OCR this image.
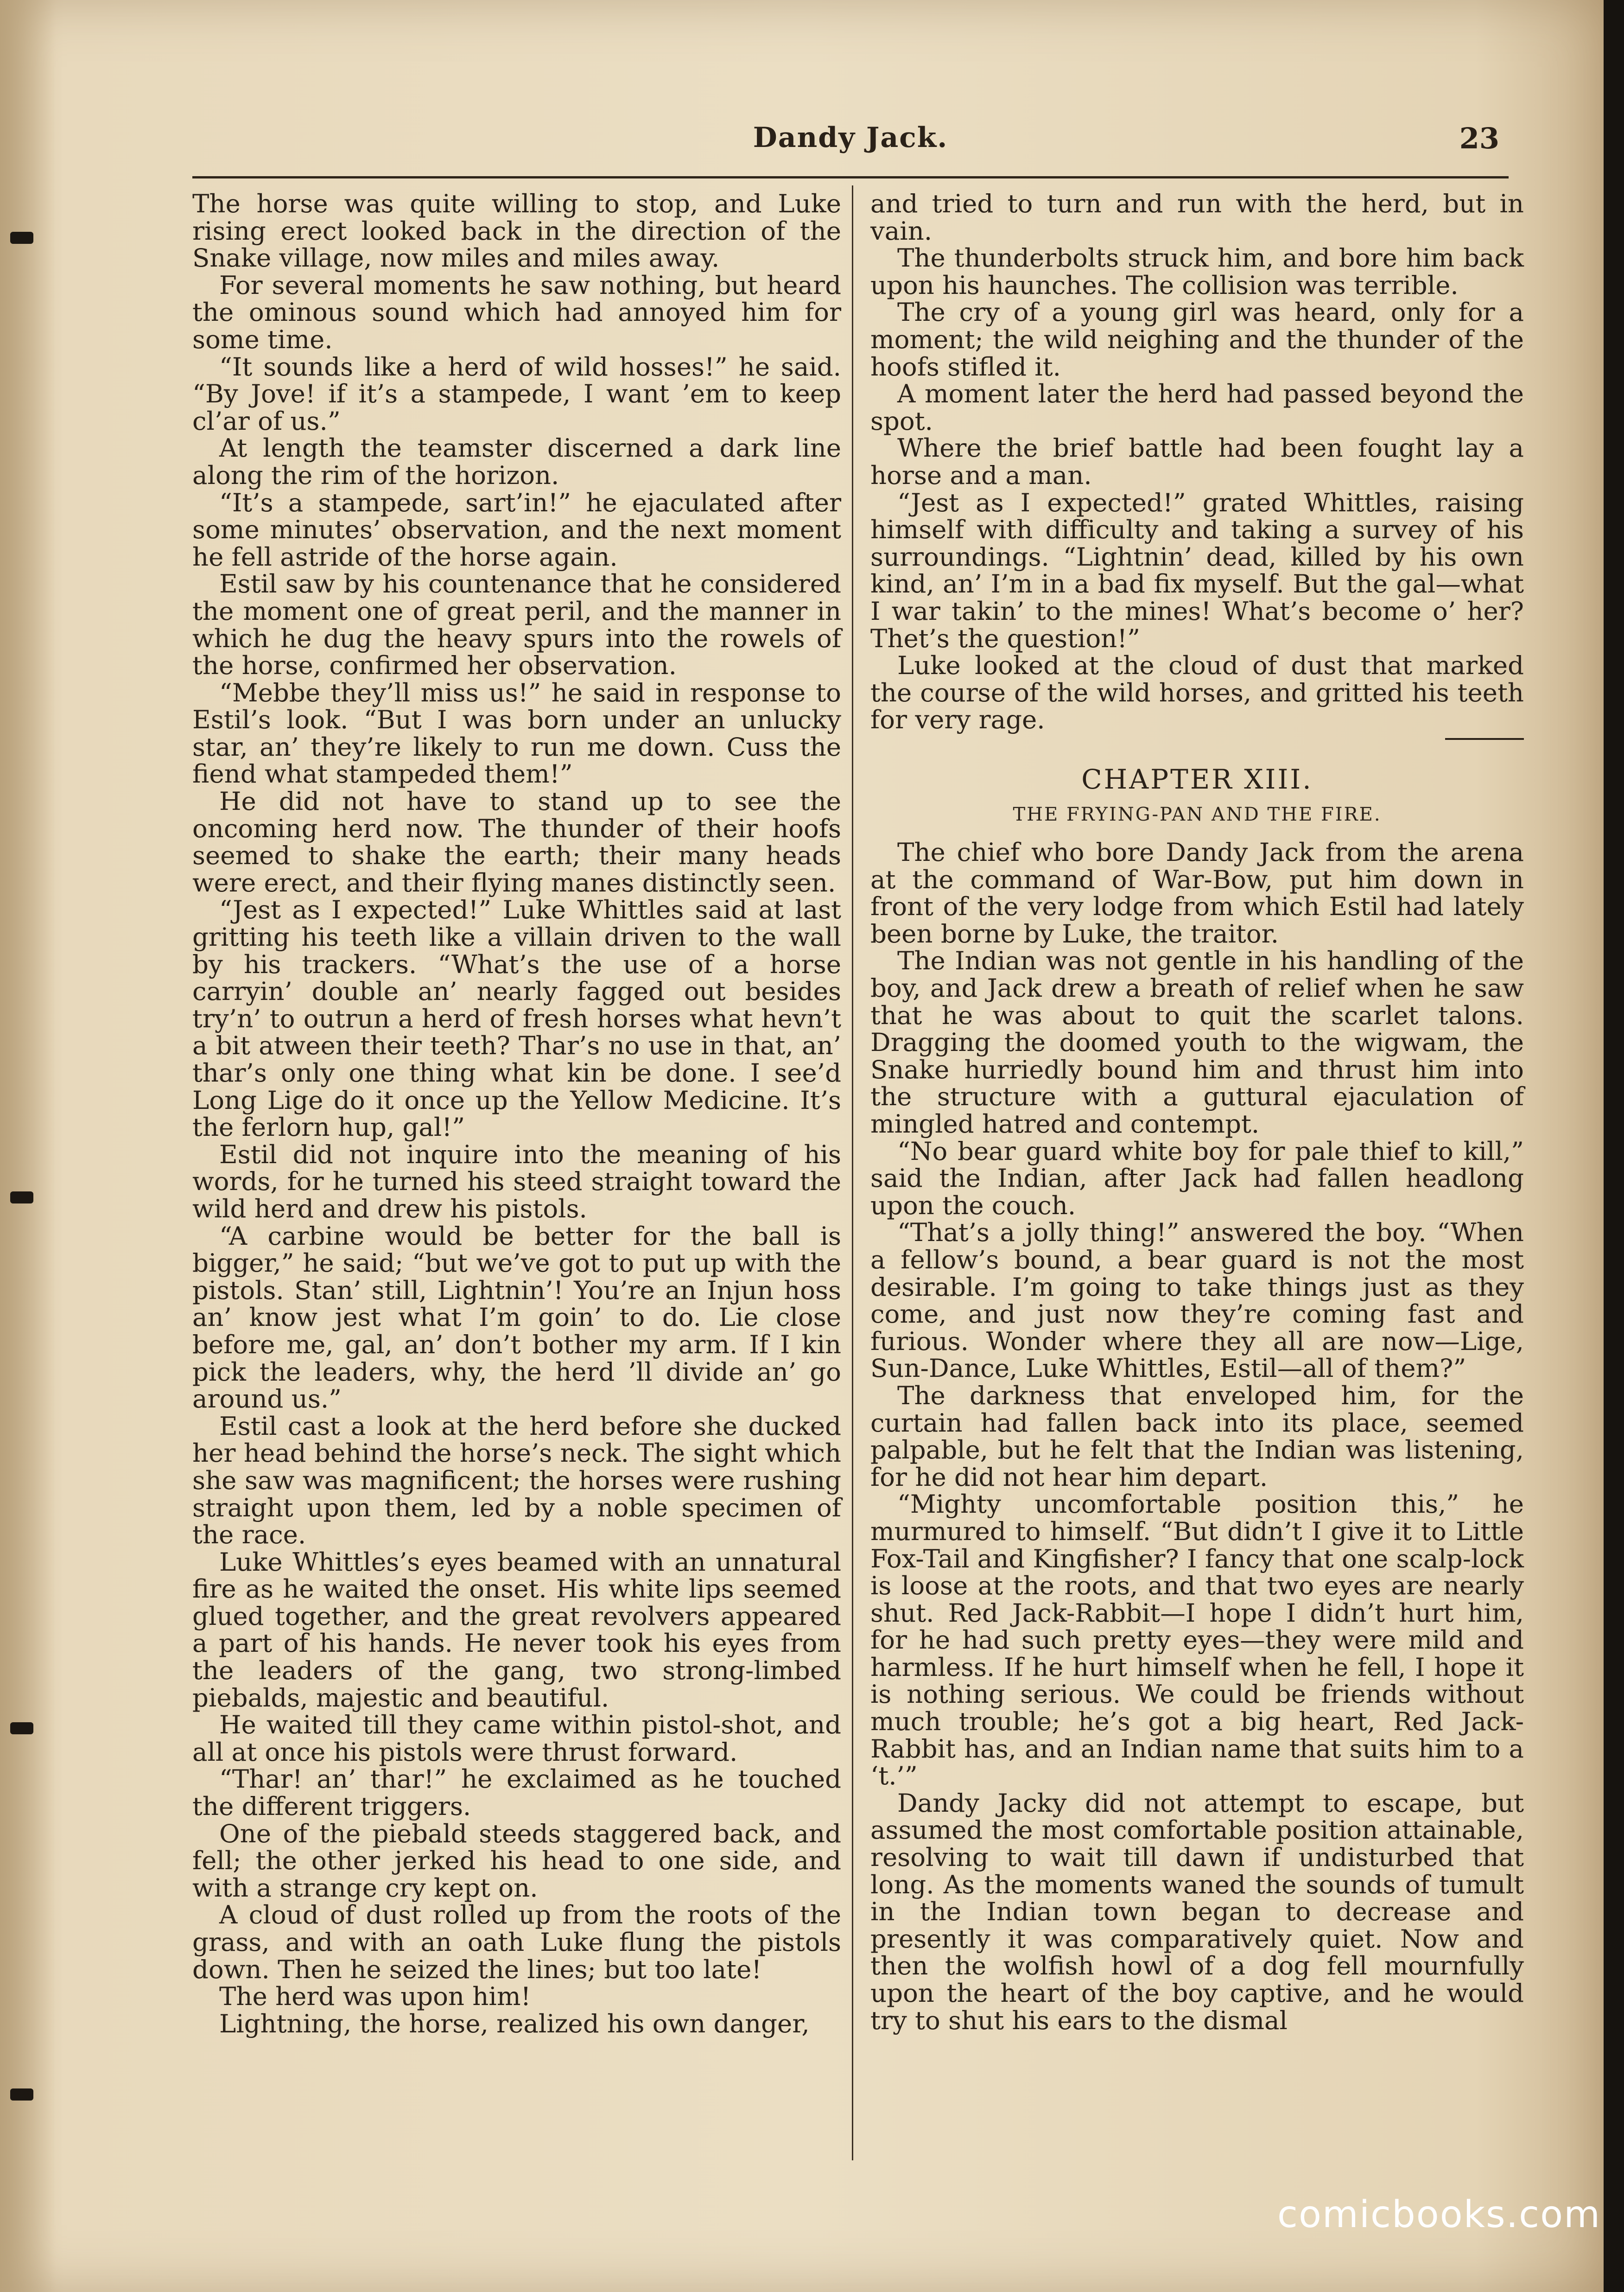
Dandy Jack.	23

The horse was quite willing to stop, and Luke rising erect looked back in the direction of the Snake village, now miles and miles away.

For several moments he saw nothing, but heard the ominous sound which had annoyed him for some time.

“It sounds like a herd of wild hosses!” he said. “By Jove! if it’s a stampede, I want ’em to keep cl’ar of us.”

At length the teamster discerned a dark line along the rim of the horizon.

“It’s a stampede, sart’in!” he ejaculated after some minutes’ observation, and the next moment he fell astride of the horse again.

Estil saw by his countenance that he considered the moment one of great peril, and the manner in which he dug the heavy spurs into the rowels of the horse, confirmed her observation.

“Mebbe they’ll miss us!” he said in response to Estil’s look. “But I was born under an unlucky star, an’ they’re likely to run me down. Cuss the fiend what stampeded them!”

He did not have to stand up to see the oncoming herd now. The thunder of their hoofs seemed to shake the earth; their many heads were erect, and their flying manes distinctly seen.

“Jest as I expected!” Luke Whittles said at last gritting his teeth like a villain driven to the wall by his trackers. “What’s the use of a horse carryin’ double an’ nearly fagged out besides try’n’ to outrun a herd of fresh horses what hevn’t a bit atween their teeth? Thar’s no use in that, an’ thar’s only one thing what kin be done. I see’d Long Lige do it once up the Yellow Medicine. It’s the ferlorn hup, gal!”

Estil did not inquire into the meaning of his words, for he turned his steed straight toward the wild herd and drew his pistols.

“A carbine would be better for the ball is bigger,” he said; “but we’ve got to put up with the pistols. Stan’ still, Lightnin’! You’re an Injun hoss an’ know jest what I’m goin’ to do. Lie close before me, gal, an’ don’t bother my arm. If I kin pick the leaders, why, the herd ’ll divide an’ go around us.”

Estil cast a look at the herd before she ducked her head behind the horse’s neck. The sight which she saw was magnificent; the horses were rushing straight upon them, led by a noble specimen of the race.

Luke Whittles’s eyes beamed with an unnatural fire as he waited the onset. His white lips seemed glued together, and the great revolvers appeared a part of his hands. He never took his eyes from the leaders of the gang, two strong-limbed piebalds, majestic and beautiful.

He waited till they came within pistol-shot, and all at once his pistols were thrust forward.

“Thar! an’ thar!” he exclaimed as he touched the different triggers.

One of the piebald steeds staggered back, and fell; the other jerked his head to one side, and with a strange cry kept on.

A cloud of dust rolled up from the roots of the grass, and with an oath Luke flung the pistols down. Then he seized the lines; but too late!

The herd was upon him!

Lightning, the horse, realized his own danger,

and tried to turn and run with the herd, but in vain.

The thunderbolts struck him, and bore him back upon his haunches. The collision was terrible.

The cry of a young girl was heard, only for a moment; the wild neighing and the thunder of the hoofs stifled it.

A moment later the herd had passed beyond the spot.

Where the brief battle had been fought lay a horse and a man.

“Jest as I expected!” grated Whittles, raising himself with difficulty and taking a survey of his surroundings. “Lightnin’ dead, killed by his own kind, an’ I’m in a bad fix myself. But the gal—what I war takin’ to the mines! What’s become o’ her? Thet’s the question!”

Luke looked at the cloud of dust that marked the course of the wild horses, and gritted his teeth for very rage.

CHAPTER XIII.
THE FRYING-PAN AND THE FIRE.

The chief who bore Dandy Jack from the arena at the command of War-Bow, put him down in front of the very lodge from which Estil had lately been borne by Luke, the traitor.

The Indian was not gentle in his handling of the boy, and Jack drew a breath of relief when he saw that he was about to quit the scarlet talons. Dragging the doomed youth to the wigwam, the Snake hurriedly bound him and thrust him into the structure with a guttural ejaculation of mingled hatred and contempt.

“No bear guard white boy for pale thief to kill,” said the Indian, after Jack had fallen headlong upon the couch.

“That’s a jolly thing!” answered the boy. “When a fellow’s bound, a bear guard is not the most desirable. I’m going to take things just as they come, and just now they’re coming fast and furious. Wonder where they all are now—Lige, Sun-Dance, Luke Whittles, Estil—all of them?”

The darkness that enveloped him, for the curtain had fallen back into its place, seemed palpable, but he felt that the Indian was listening, for he did not hear him depart.

“Mighty uncomfortable position this,” he murmured to himself. “But didn’t I give it to Little Fox-Tail and Kingfisher? I fancy that one scalp-lock is loose at the roots, and that two eyes are nearly shut. Red Jack-Rabbit—I hope I didn’t hurt him, for he had such pretty eyes—they were mild and harmless. If he hurt himself when he fell, I hope it is nothing serious. We could be friends without much trouble; he’s got a big heart, Red Jack-Rabbit has, and an Indian name that suits him to a ‘t.’”

Dandy Jacky did not attempt to escape, but assumed the most comfortable position attainable, resolving to wait till dawn if undisturbed that long. As the moments waned the sounds of tumult in the Indian town began to decrease and presently it was comparatively quiet. Now and then the wolfish howl of a dog fell mournfully upon the heart of the boy captive, and he would try to shut his ears to the dismal

comicbooks.com
